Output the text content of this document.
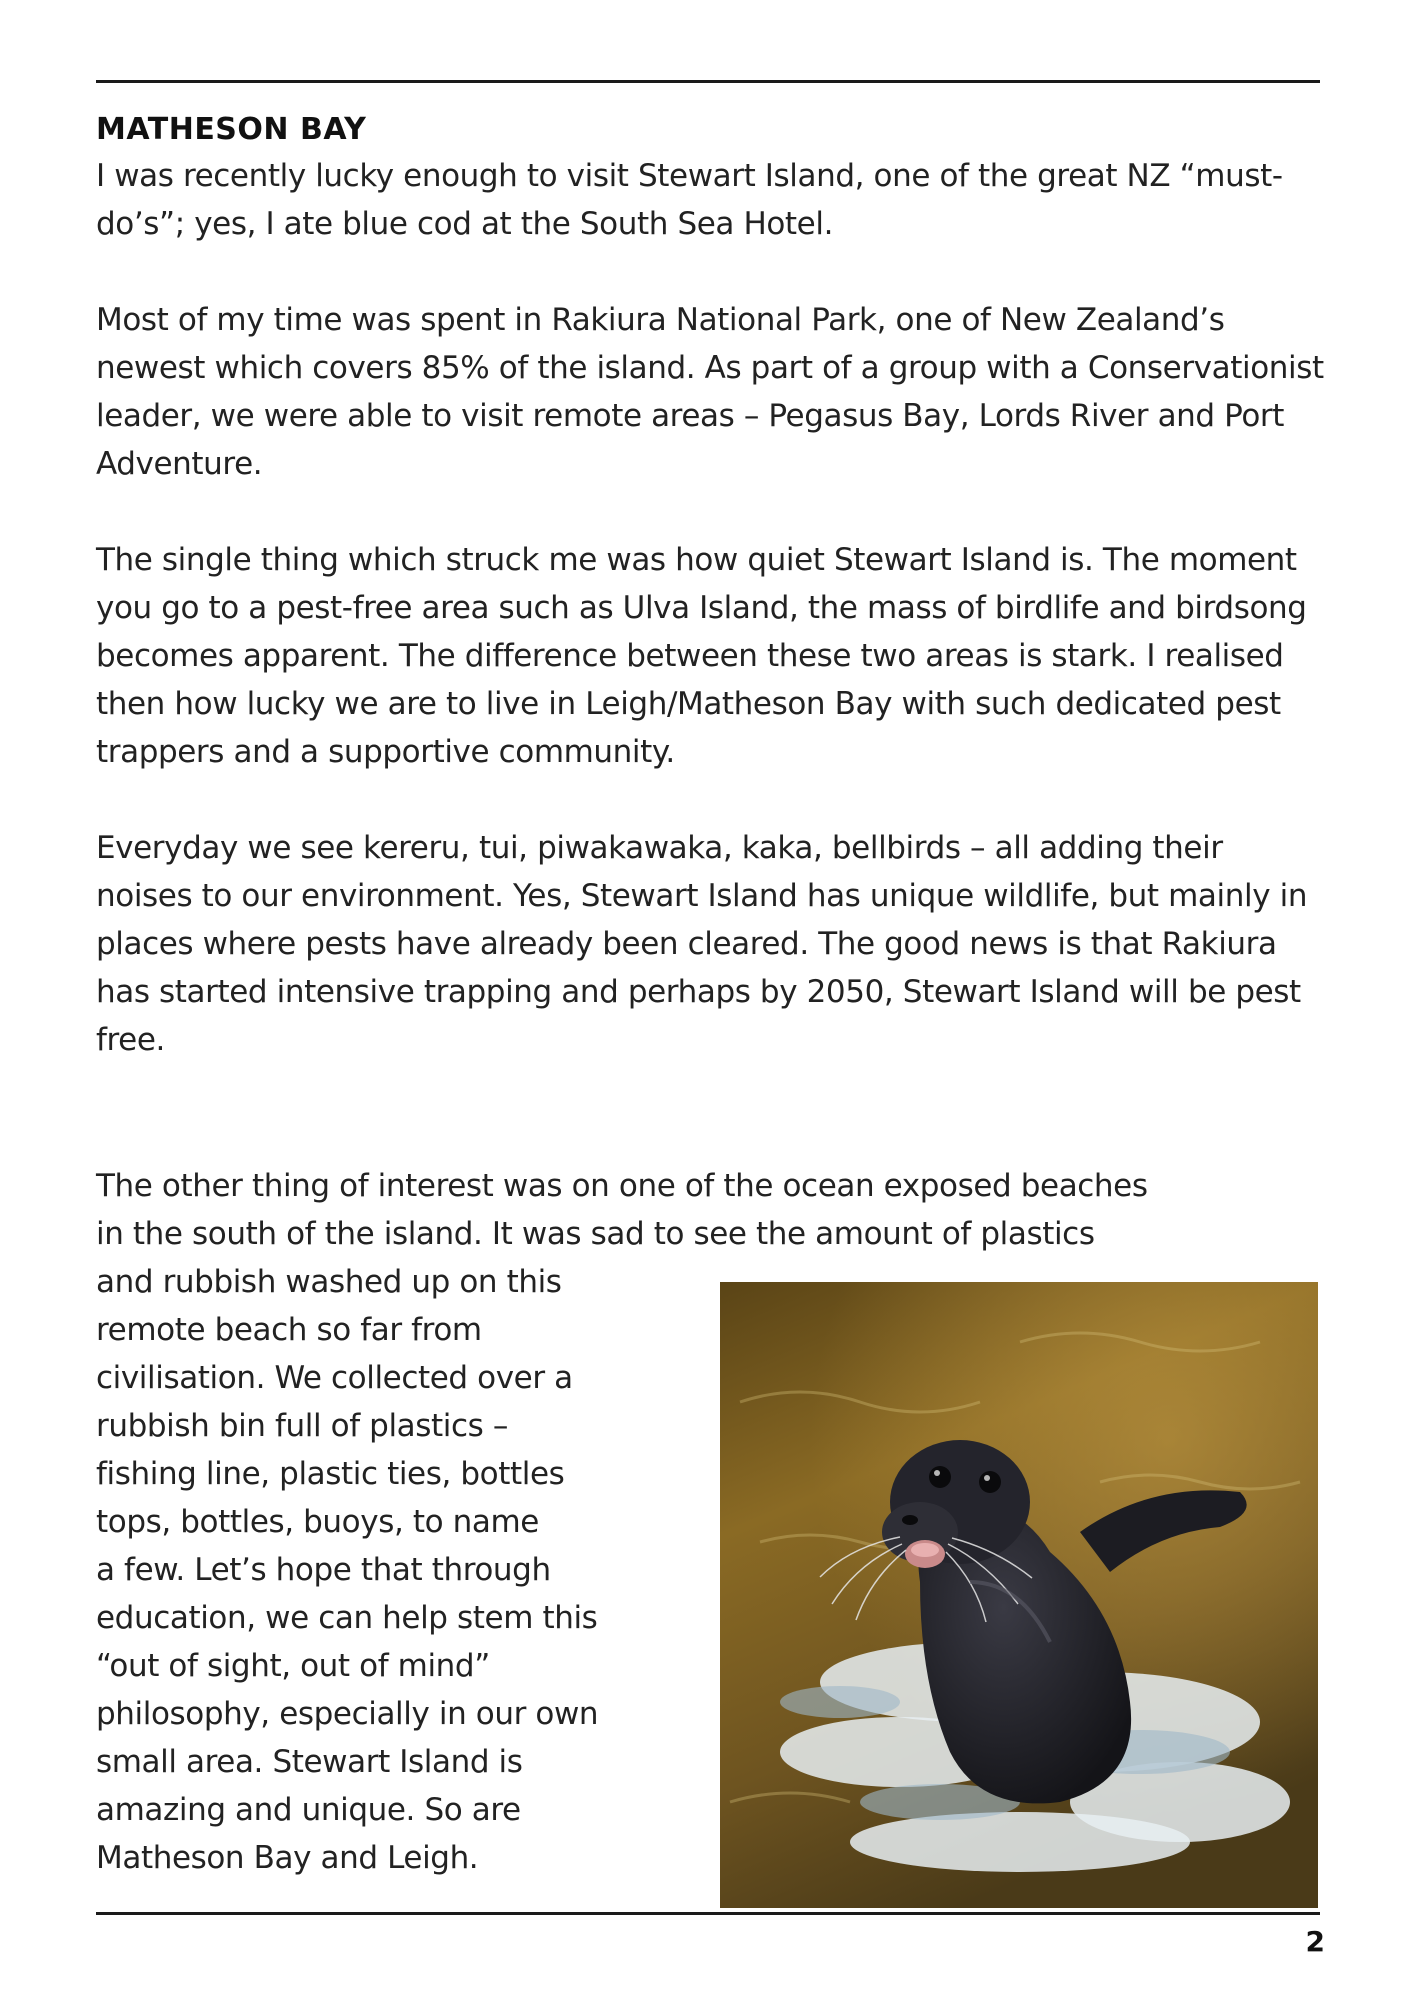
MATHESON BAY

I was recently lucky enough to visit Stewart Island, one of the great NZ “must-do’s”; yes, I ate blue cod at the South Sea Hotel.

Most of my time was spent in Rakiura National Park, one of New Zealand’s newest which covers 85% of the island. As part of a group with a Conservationist leader, we were able to visit remote areas – Pegasus Bay, Lords River and Port Adventure.

The single thing which struck me was how quiet Stewart Island is. The moment you go to a pest-free area such as Ulva Island, the mass of birdlife and birdsong becomes apparent. The difference between these two areas is stark. I realised then how lucky we are to live in Leigh/Matheson Bay with such dedicated pest trappers and a supportive community.

Everyday we see kereru, tui, piwakawaka, kaka, bellbirds – all adding their noises to our environment. Yes, Stewart Island has unique wildlife, but mainly in places where pests have already been cleared. The good news is that Rakiura has started intensive trapping and perhaps by 2050, Stewart Island will be pest free.

The other thing of interest was on one of the ocean exposed beaches
in the south of the island. It was sad to see the amount of plastics
and rubbish washed up on this
remote beach so far from
civilisation. We collected over a
rubbish bin full of plastics –
fishing line, plastic ties, bottles
tops, bottles, buoys, to name
a few. Let’s hope that through
education, we can help stem this
“out of sight, out of mind”
philosophy, especially in our own
small area. Stewart Island is
amazing and unique. So are
Matheson Bay and Leigh.

2
